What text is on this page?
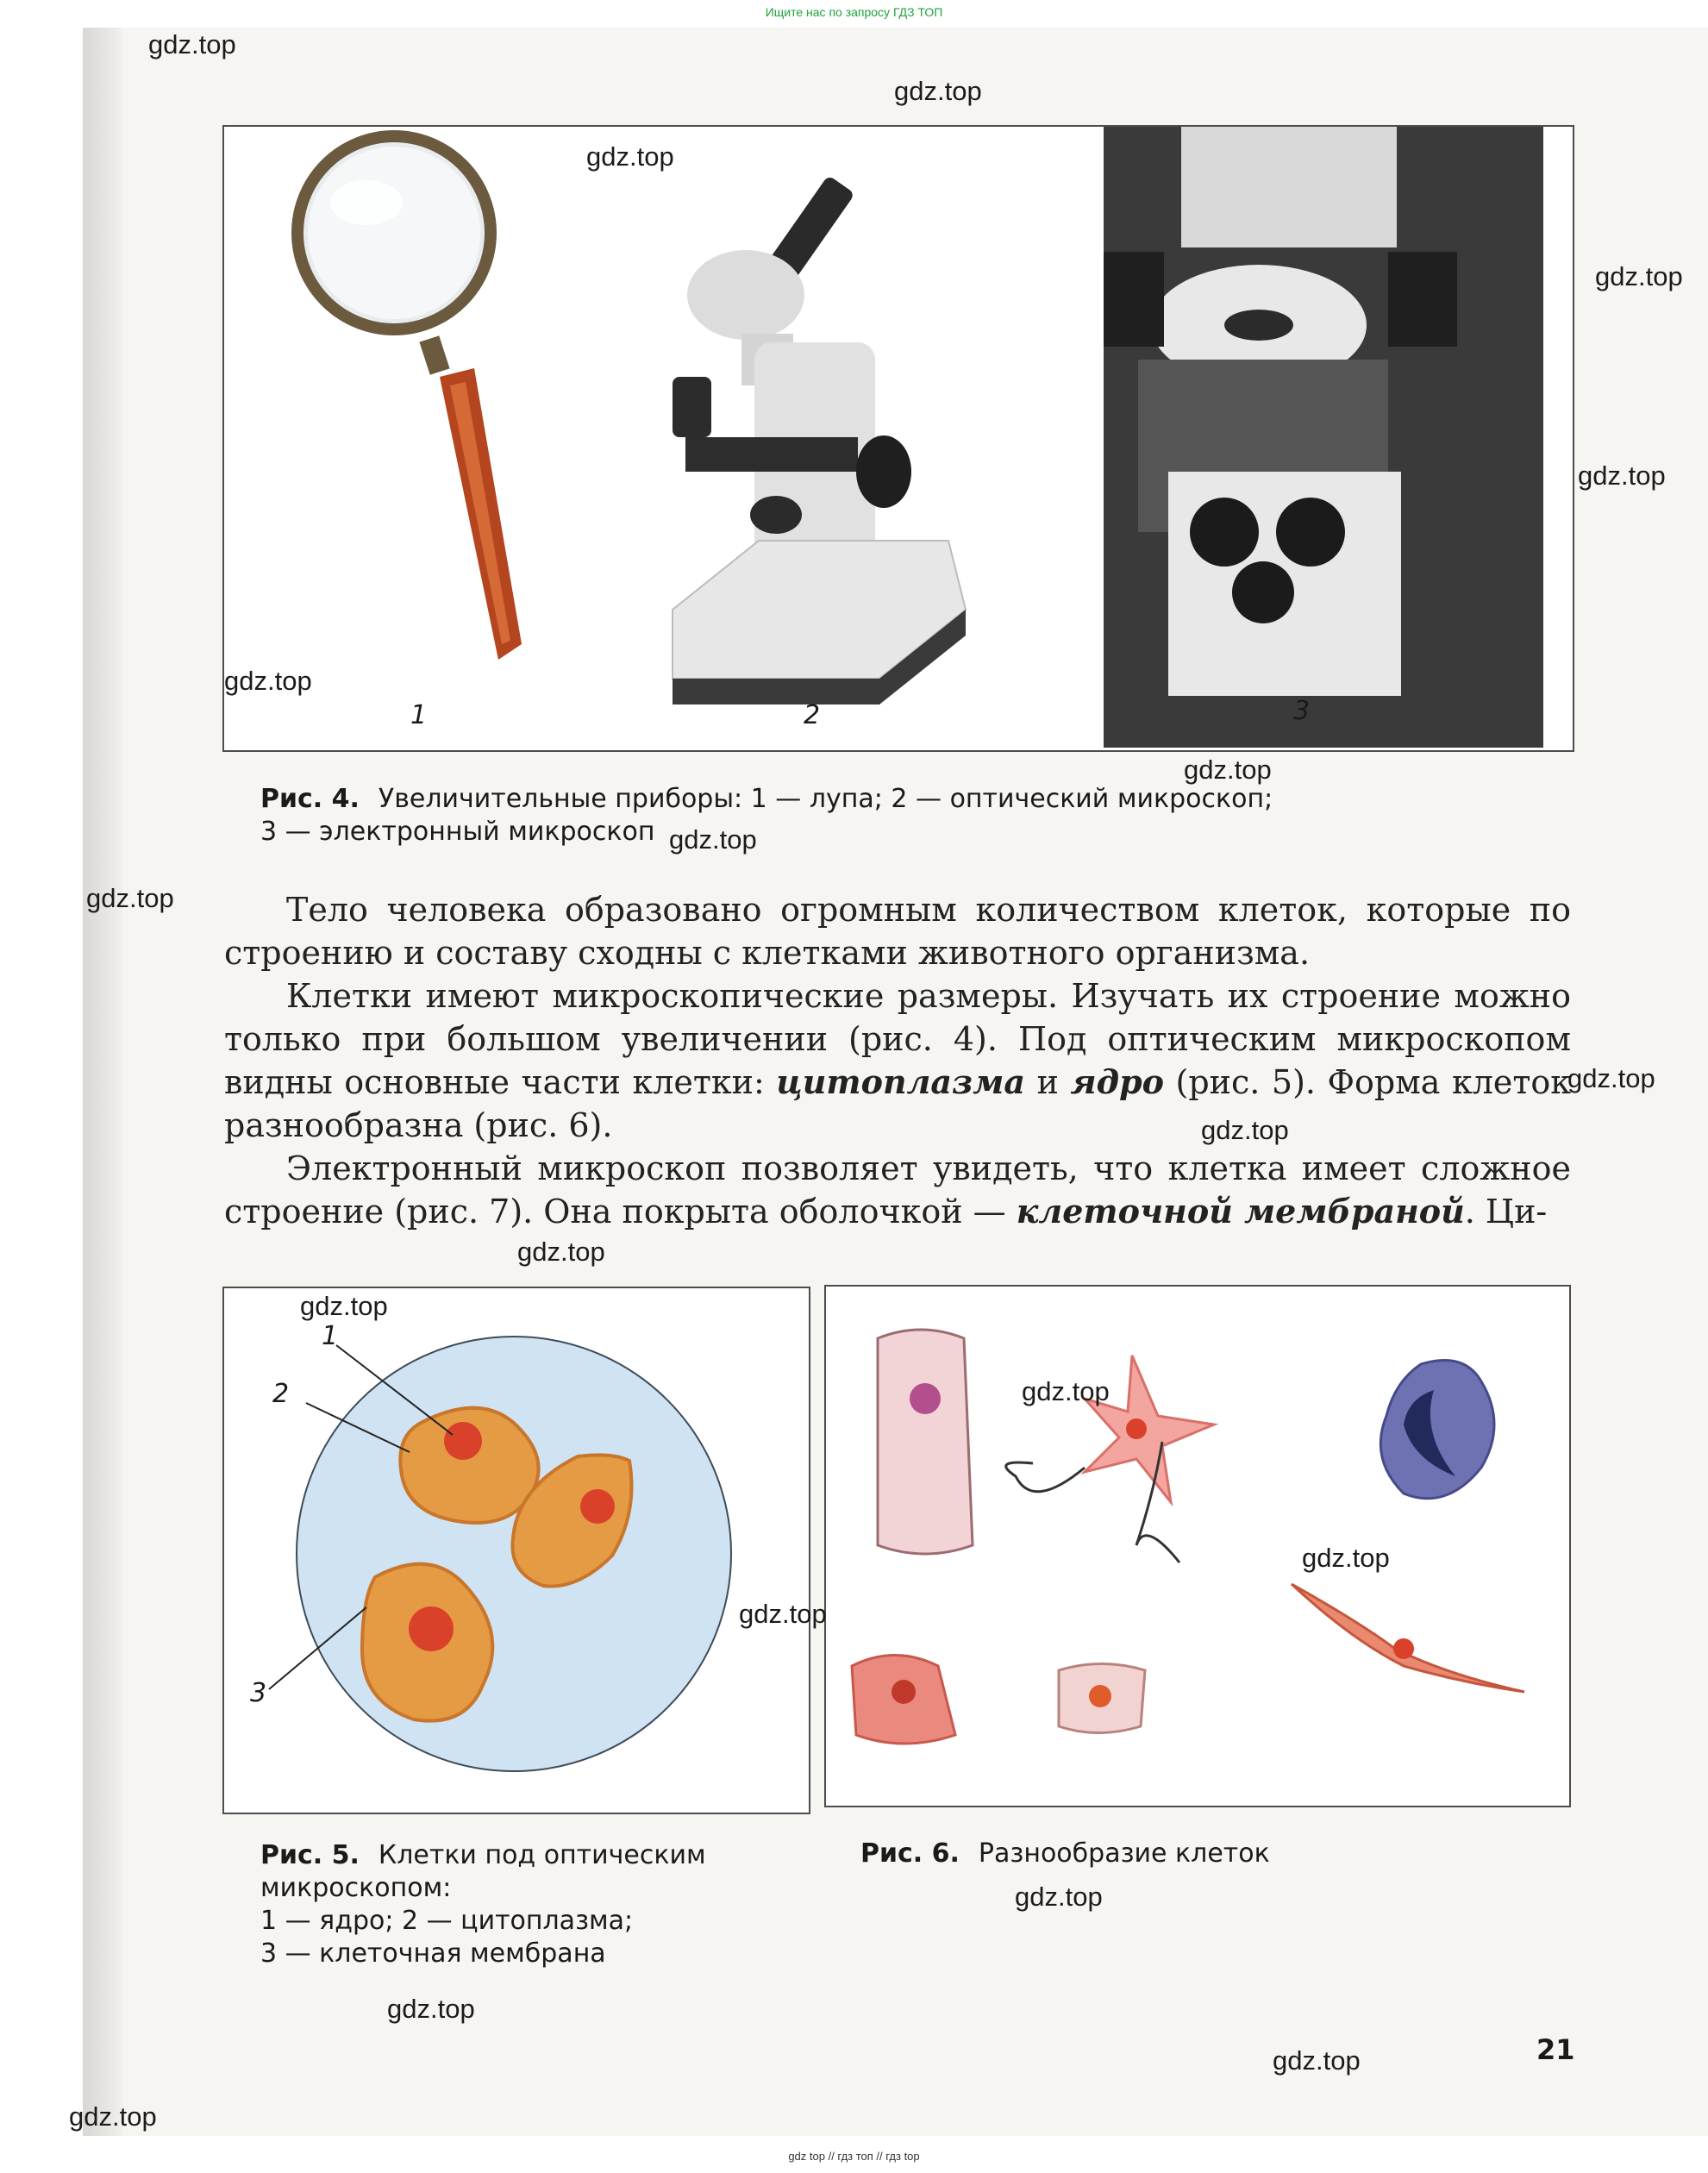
Ищите нас по запросу ГДЗ ТОП
1	2	3
Рис. 4. Увеличительные приборы: 1 — лупа; 2 — оптический микроскоп;
3 — электронный микроскоп

Тело человека образовано огромным количеством клеток, которые по строению и составу сходны с клетками животного организма.

Клетки имеют микроскопические размеры. Изучать их строение можно только при большом увеличении (рис. 4). Под оптическим микроскопом видны основные части клетки: цитоплазма и ядро (рис. 5). Форма клеток разнообразна (рис. 6).

Электронный микроскоп позволяет увидеть, что клетка имеет сложное строение (рис. 7). Она покрыта оболочкой — клеточной мембраной. Ци-

1
2
3
Рис. 5. Клетки под оптическим
микроскопом:
1 — ядро; 2 — цитоплазма;
3 — клеточная мембрана
Рис. 6. Разнообразие клеток
21
gdz.top
gdz.top
gdz.top
gdz.top
gdz.top
gdz.top
gdz.top
gdz.top
gdz.top
gdz.top
gdz.top
gdz.top
gdz.top
gdz.top
gdz.top
gdz.top
gdz.top
gdz.top
gdz.top
gdz.top
gdz top // гдз топ // гдз top
